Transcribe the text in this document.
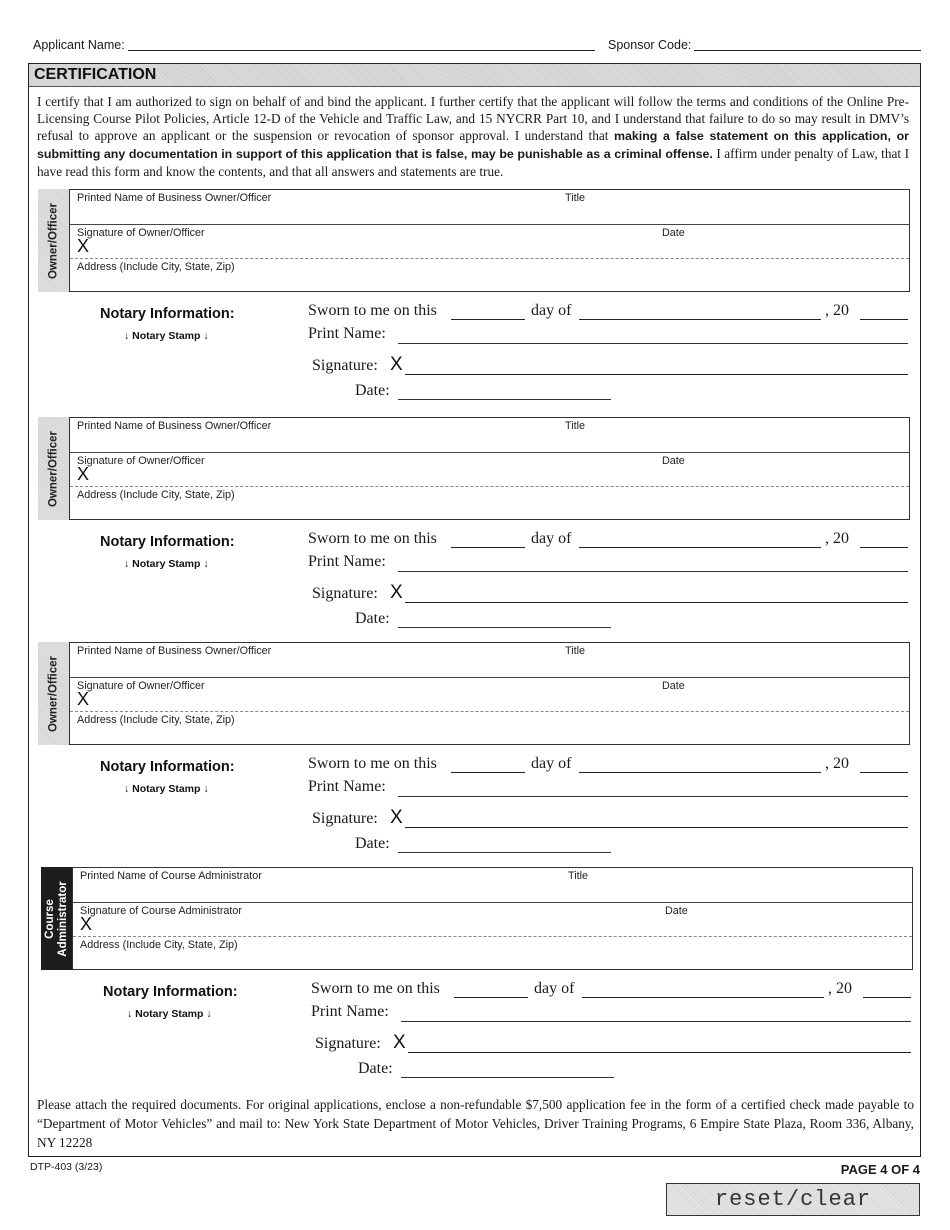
Applicant Name:	Sponsor Code:
CERTIFICATION
I certify that I am authorized to sign on behalf of and bind the applicant. I further certify that the applicant will follow the terms and conditions of the Online Pre-Licensing Course Pilot Policies, Article 12-D of the Vehicle and Traffic Law, and 15 NYCRR Part 10, and I understand that failure to do so may result in DMV’s refusal to approve an applicant or the suspension or revocation of sponsor approval. I understand that making a false statement on this application, or submitting any documentation in support of this application that is false, may be punishable as a criminal offense. I affirm under penalty of Law, that I have read this form and know the contents, and that all answers and statements are true.
Owner/Officer
Printed Name of Business Owner/Officer	Title
Signature of Owner/Officer	Date
X
Address (Include City, State, Zip)
Notary Information:
↓ Notary Stamp ↓
Sworn to me on this	day of	, 20
Print Name:
Signature: X
Date:
Owner/Officer
Printed Name of Business Owner/Officer	Title
Signature of Owner/Officer	Date
X
Address (Include City, State, Zip)
Notary Information:
↓ Notary Stamp ↓
Sworn to me on this	day of	, 20
Print Name:
Signature: X
Date:
Owner/Officer
Printed Name of Business Owner/Officer	Title
Signature of Owner/Officer	Date
X
Address (Include City, State, Zip)
Notary Information:
↓ Notary Stamp ↓
Sworn to me on this	day of	, 20
Print Name:
Signature: X
Date:
Course Administrator
Printed Name of Course Administrator	Title
Signature of Course Administrator	Date
X
Address (Include City, State, Zip)
Notary Information:
↓ Notary Stamp ↓
Sworn to me on this	day of	, 20
Print Name:
Signature: X
Date:
Please attach the required documents. For original applications, enclose a non-refundable $7,500 application fee in the form of a certified check made payable to “Department of Motor Vehicles” and mail to: New York State Department of Motor Vehicles, Driver Training Programs, 6 Empire State Plaza, Room 336, Albany, NY 12228
DTP-403 (3/23)	PAGE 4 OF 4
reset/clear
